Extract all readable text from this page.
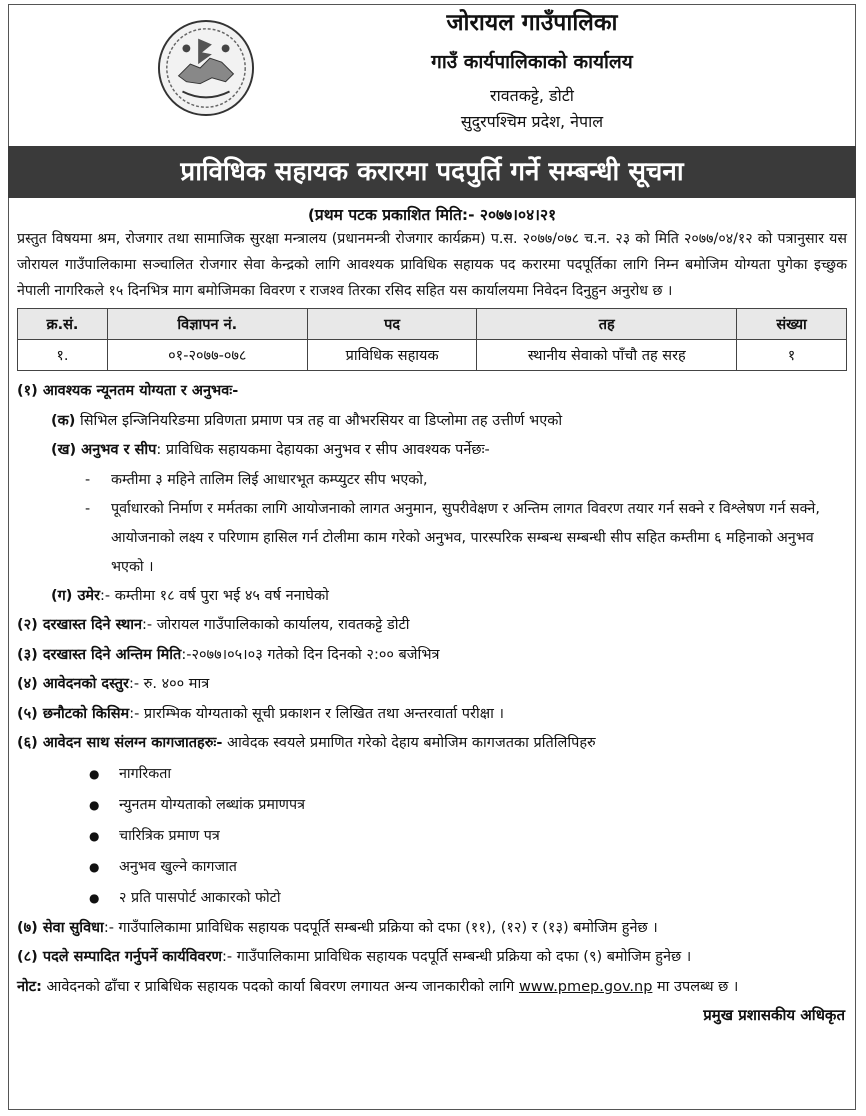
जोरायल गाउँपालिका
गाउँ कार्यपालिकाको कार्यालय
रावतकट्टे, डोटी
सुदुरपश्चिम प्रदेश, नेपाल
प्राविधिक सहायक करारमा पदपुर्ति गर्ने सम्बन्धी सूचना
(प्रथम पटक प्रकाशित मिति:- २०७७।०४।२१
प्रस्तुत विषयमा श्रम, रोजगार तथा सामाजिक सुरक्षा मन्त्रालय (प्रधानमन्त्री रोजगार कार्यक्रम) प.स. २०७७/०७८ च.न. २३ को मिति २०७७/०४/१२ को पत्रानुसार यस जोरायल गाउँपालिकामा सञ्चालित रोजगार सेवा केन्द्रको लागि आवश्यक प्राविधिक सहायक पद करारमा पदपूर्तिका लागि निम्न बमोजिम योग्यता पुगेका इच्छुक नेपाली नागरिकले १५ दिनभित्र माग बमोजिमका विवरण र राजश्व तिरका रसिद सहित यस कार्यालयमा निवेदन दिनुहुन अनुरोध छ ।
क्र.सं.	विज्ञापन नं.	पद	तह	संख्या
१.	०१-२०७७-०७८	प्राविधिक सहायक	स्थानीय सेवाको पाँचौ तह सरह	१
(१) आवश्यक न्यूनतम योग्यता र अनुभवः-
(क) सिभिल इन्जिनियरिङमा प्रविणता प्रमाण पत्र तह वा औभरसियर वा डिप्लोमा तह उत्तीर्ण भएको
(ख) अनुभव र सीप: प्राविधिक सहायकमा देहायका अनुभव र सीप आवश्यक पर्नेछः-
- कम्तीमा ३ महिने तालिम लिई आधारभूत कम्प्युटर सीप भएको,
- पूर्वाधारको निर्माण र मर्मतका लागि आयोजनाको लागत अनुमान, सुपरीवेक्षण र अन्तिम लागत विवरण तयार गर्न सक्ने र विश्लेषण गर्न सक्ने, आयोजनाको लक्ष्य र परिणाम हासिल गर्न टोलीमा काम गरेको अनुभव, पारस्परिक सम्बन्ध सम्बन्धी सीप सहित कम्तीमा ६ महिनाको अनुभव भएको ।
(ग) उमेर:- कम्तीमा १८ वर्ष पुरा भई ४५ वर्ष ननाघेको
(२) दरखास्त दिने स्थान:- जोरायल गाउँपालिकाको कार्यालय, रावतकट्टे डोटी
(३) दरखास्त दिने अन्तिम मिति:-२०७७।०५।०३ गतेको दिन दिनको २:०० बजेभित्र
(४) आवेदनको दस्तुर:- रु. ४०० मात्र
(५) छनौटको किसिम:- प्रारम्भिक योग्यताको सूची प्रकाशन र लिखित तथा अन्तरवार्ता परीक्षा ।
(६) आवेदन साथ संलग्न कागजातहरुः- आवेदक स्वयले प्रमाणित गरेको देहाय बमोजिम कागजतका प्रतिलिपिहरु
● नागरिकता
● न्युनतम योग्यताको लब्धांक प्रमाणपत्र
● चारित्रिक प्रमाण पत्र
● अनुभव खुल्ने कागजात
● २ प्रति पासपोर्ट आकारको फोटो
(७) सेवा सुविधा:- गाउँपालिकामा प्राविधिक सहायक पदपूर्ति सम्बन्धी प्रक्रिया को दफा (११), (१२) र (१३) बमोजिम हुनेछ ।
(८) पदले सम्पादित गर्नुपर्ने कार्यविवरण:- गाउँपालिकामा प्राविधिक सहायक पदपूर्ति सम्बन्धी प्रक्रिया को दफा (९) बमोजिम हुनेछ ।
नोट: आवेदनको ढाँचा र प्राबिधिक सहायक पदको कार्या बिवरण लगायत अन्य जानकारीको लागि www.pmep.gov.np मा उपलब्ध छ ।
प्रमुख प्रशासकीय अधिकृत
